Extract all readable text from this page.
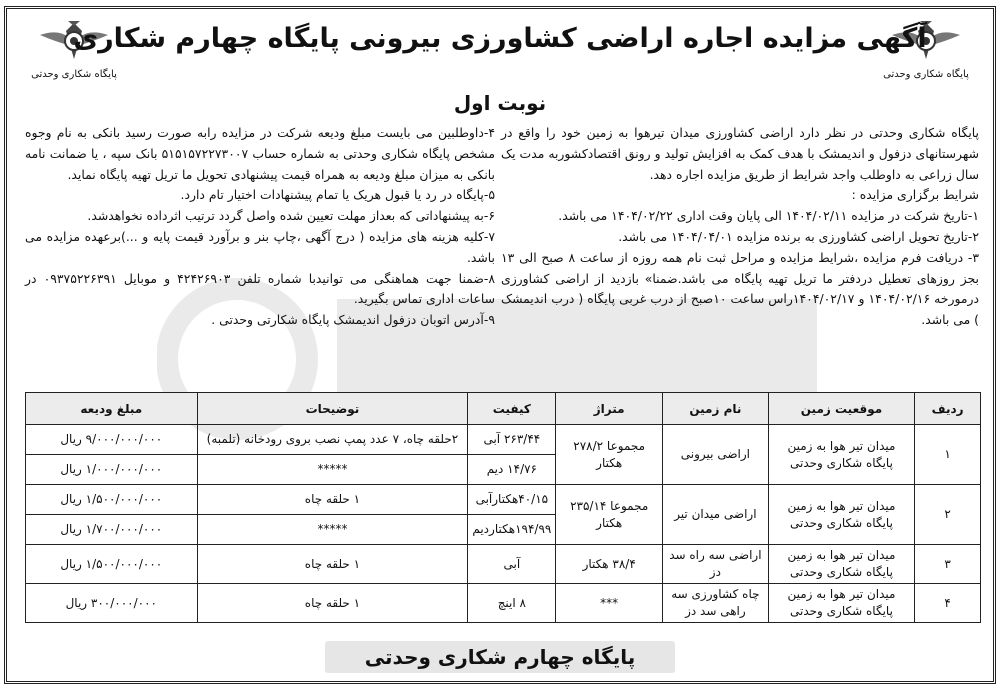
پایگاه شکاری وحدتی
پایگاه شکاری وحدتی
آگهی مزایده اجاره اراضی کشاورزی بیرونی پایگاه چهارم شکاری
نوبت اول

پایگاه شکاری وحدتی در نظر دارد اراضی کشاورزی میدان تیرهوا به زمین خود را واقع در شهرستانهای دزفول و اندیمشک با هدف کمک به افزایش تولید و رونق اقتصادکشوربه مدت یک سال زراعی به داوطلب واجد شرایط از طریق مزایده اجاره دهد.

شرایط برگزاری مزایده :

۱-تاریخ شرکت در مزایده ۱۴۰۴/۰۲/۱۱ الی پایان وقت اداری ۱۴۰۴/۰۲/۲۲ می باشد.

۲-تاریخ تحویل اراضی کشاورزی به برنده مزایده ۱۴۰۴/۰۴/۰۱ می باشد.

۳- دریافت فرم مزایده ،شرایط مزایده و مراحل ثبت نام همه روزه از ساعت ۸ صبح الی ۱۳ بجز روزهای تعطیل دردفتر ما تریل تهیه پایگاه می باشد.ضمنا» بازدید از اراضی کشاورزی درمورخه ۱۴۰۴/۰۲/۱۶ و ۱۴۰۴/۰۲/۱۷راس ساعت ۱۰صبح از درب غربی پایگاه ( درب اندیمشک ) می باشد.

۴-داوطلبین می بایست مبلغ ودیعه شرکت در مزایده رابه صورت رسید بانکی به نام وجوه مشخص پایگاه شکاری وحدتی به شماره حساب ۵۱۵۱۵۷۲۲۷۳۰۰۷ بانک سپه ، یا ضمانت نامه بانکی به میزان مبلغ ودیعه به همراه قیمت پیشنهادی تحویل ما تریل تهیه پایگاه نماید.

۵-پایگاه در رد یا قبول هریک یا تمام پیشنهادات اختیار تام دارد.

۶-به پیشنهاداتی که بعداز مهلت تعیین شده واصل گردد ترتیب اثرداده نخواهدشد.

۷-کلیه هزینه های مزایده ( درج آگهی ،چاپ بنر و برآورد قیمت پایه و ...)برعهده مزایده می باشد.

۸-ضمنا جهت هماهنگی می توانیدبا شماره تلفن ۴۲۴۲۶۹۰۳ و موبایل ۰۹۳۷۵۲۲۶۳۹۱ در ساعات اداری تماس بگیرید.

۹-آدرس اتوبان دزفول اندیمشک پایگاه شکارتی وحدتی .

ردیف	موقعیت زمین	نام زمین	متراژ	کیفیت	توضیحات	مبلغ ودیعه
۱	میدان تیر هوا به زمین پایگاه شکاری وحدتی	اراضی بیرونی	مجموعا ۲۷۸/۲ هکتار	۲۶۳/۴۴ آبی	۲حلقه چاه، ۷ عدد پمپ نصب بروی رودخانه (تلمبه)	۹/۰۰۰/۰۰۰/۰۰۰ ریال
				۱۴/۷۶ دیم	*****	۱/۰۰۰/۰۰۰/۰۰۰ ریال
۲	میدان تیر هوا به زمین پایگاه شکاری وحدتی	اراضی میدان تیر	مجموعا ۲۳۵/۱۴ هکتار	۴۰/۱۵هکتارآبی	۱ حلقه چاه	۱/۵۰۰/۰۰۰/۰۰۰ ریال
				۱۹۴/۹۹هکتاردیم	*****	۱/۷۰۰/۰۰۰/۰۰۰ ریال
۳	میدان تیر هوا به زمین پایگاه شکاری وحدتی	اراضی سه راه سد دز	۳۸/۴ هکتار	آبی	۱ حلقه چاه	۱/۵۰۰/۰۰۰/۰۰۰ ریال
۴	میدان تیر هوا به زمین پایگاه شکاری وحدتی	چاه کشاورزی سه راهی سد دز	***	۸ اینچ	۱ حلقه چاه	۳۰۰/۰۰۰/۰۰۰ ریال
پایگاه چهارم شکاری وحدتی
